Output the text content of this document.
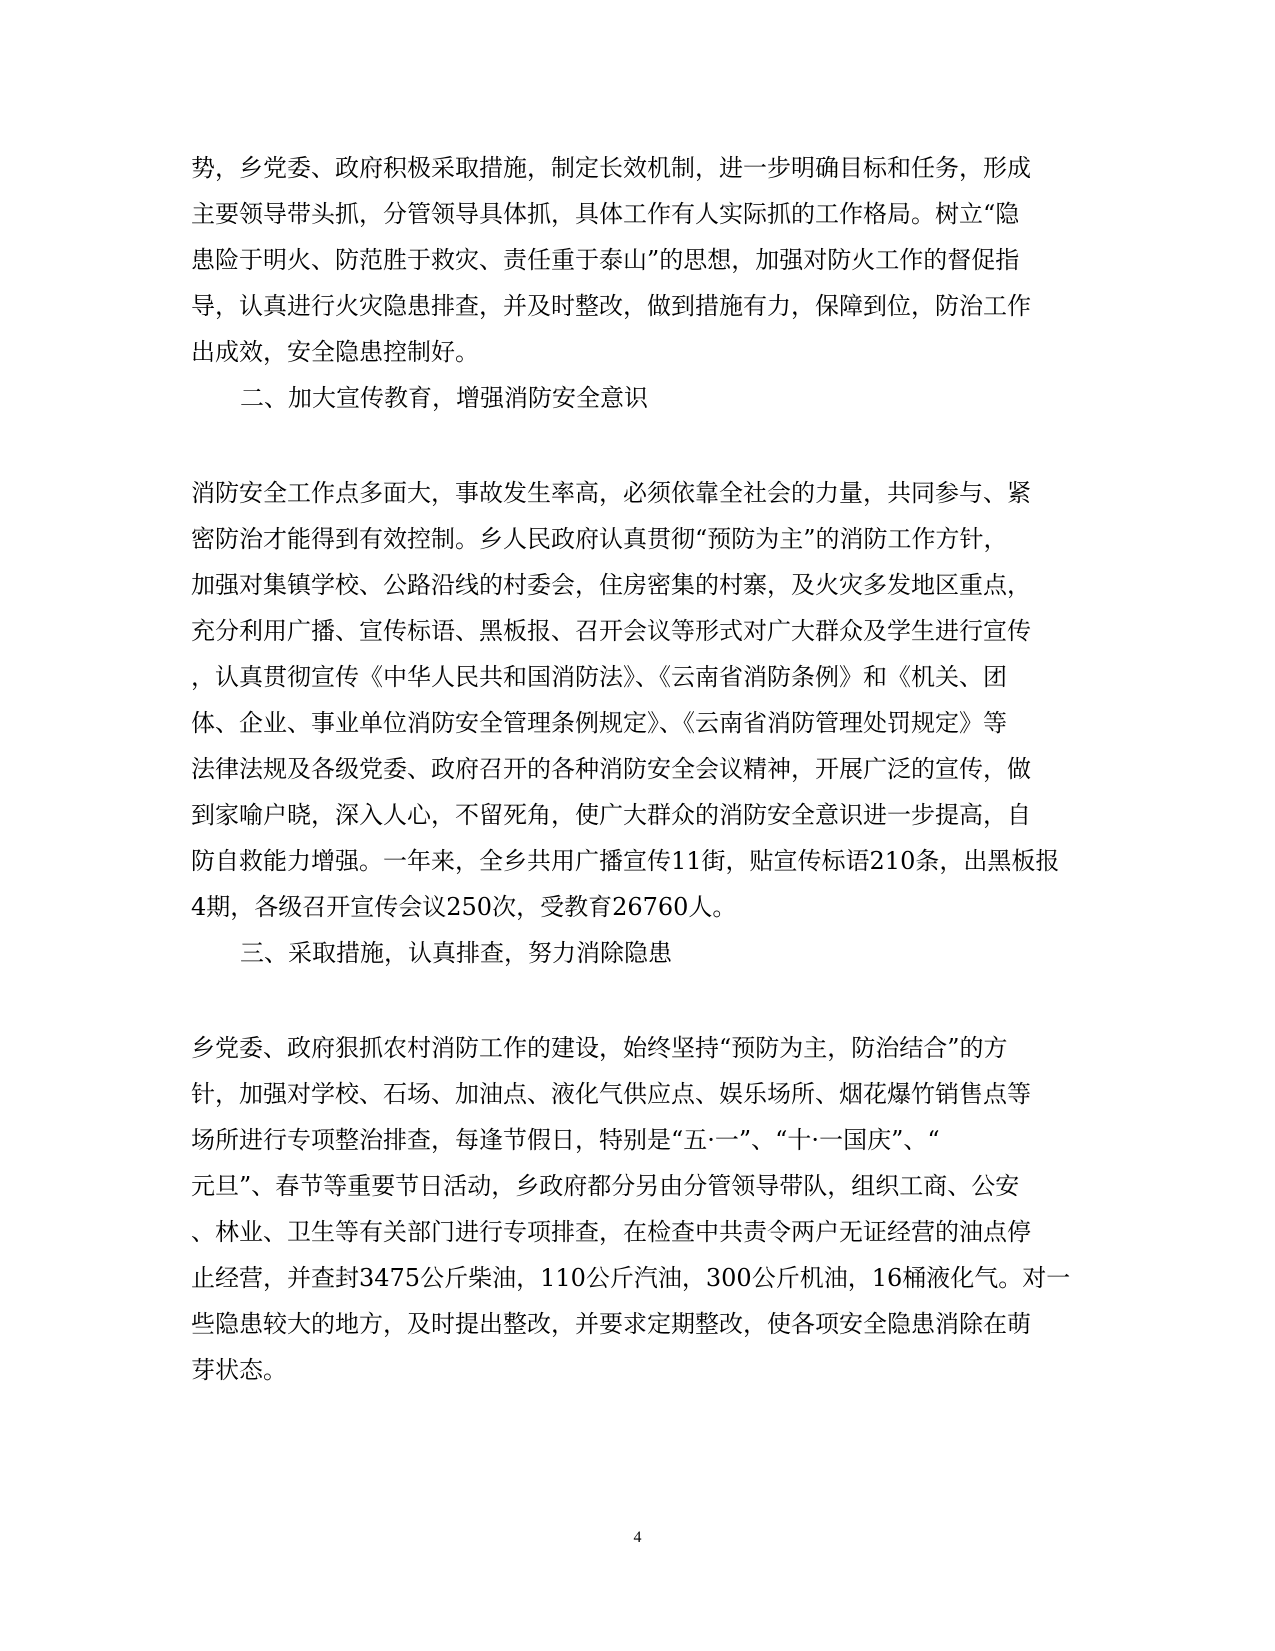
势，乡党委、政府积极采取措施，制定长效机制，进一步明确目标和任务，形成
主要领导带头抓，分管领导具体抓，具体工作有人实际抓的工作格局。树立“隐
患险于明火、防范胜于救灾、责任重于泰山”的思想，加强对防火工作的督促指
导，认真进行火灾隐患排查，并及时整改，做到措施有力，保障到位，防治工作
出成效，安全隐患控制好。
二、加大宣传教育，增强消防安全意识
消防安全工作点多面大，事故发生率高，必须依靠全社会的力量，共同参与、紧
密防治才能得到有效控制。乡人民政府认真贯彻“预防为主”的消防工作方针，
加强对集镇学校、公路沿线的村委会，住房密集的村寨，及火灾多发地区重点，
充分利用广播、宣传标语、黑板报、召开会议等形式对广大群众及学生进行宣传
，认真贯彻宣传《中华人民共和国消防法》、《云南省消防条例》和《机关、团
体、企业、事业单位消防安全管理条例规定》、《云南省消防管理处罚规定》等
法律法规及各级党委、政府召开的各种消防安全会议精神，开展广泛的宣传，做
到家喻户晓，深入人心，不留死角，使广大群众的消防安全意识进一步提高，自
防自救能力增强。一年来，全乡共用广播宣传11街，贴宣传标语210条，出黑板报
4期，各级召开宣传会议250次，受教育26760人。
三、采取措施，认真排查，努力消除隐患
乡党委、政府狠抓农村消防工作的建设，始终坚持“预防为主，防治结合”的方
针，加强对学校、石场、加油点、液化气供应点、娱乐场所、烟花爆竹销售点等
场所进行专项整治排查，每逢节假日，特别是“五·一”、“十·一国庆”、“
元旦”、春节等重要节日活动，乡政府都分另由分管领导带队，组织工商、公安
、林业、卫生等有关部门进行专项排查，在检查中共责令两户无证经营的油点停
止经营，并查封3475公斤柴油，110公斤汽油，300公斤机油，16桶液化气。对一
些隐患较大的地方，及时提出整改，并要求定期整改，使各项安全隐患消除在萌
芽状态。
4
